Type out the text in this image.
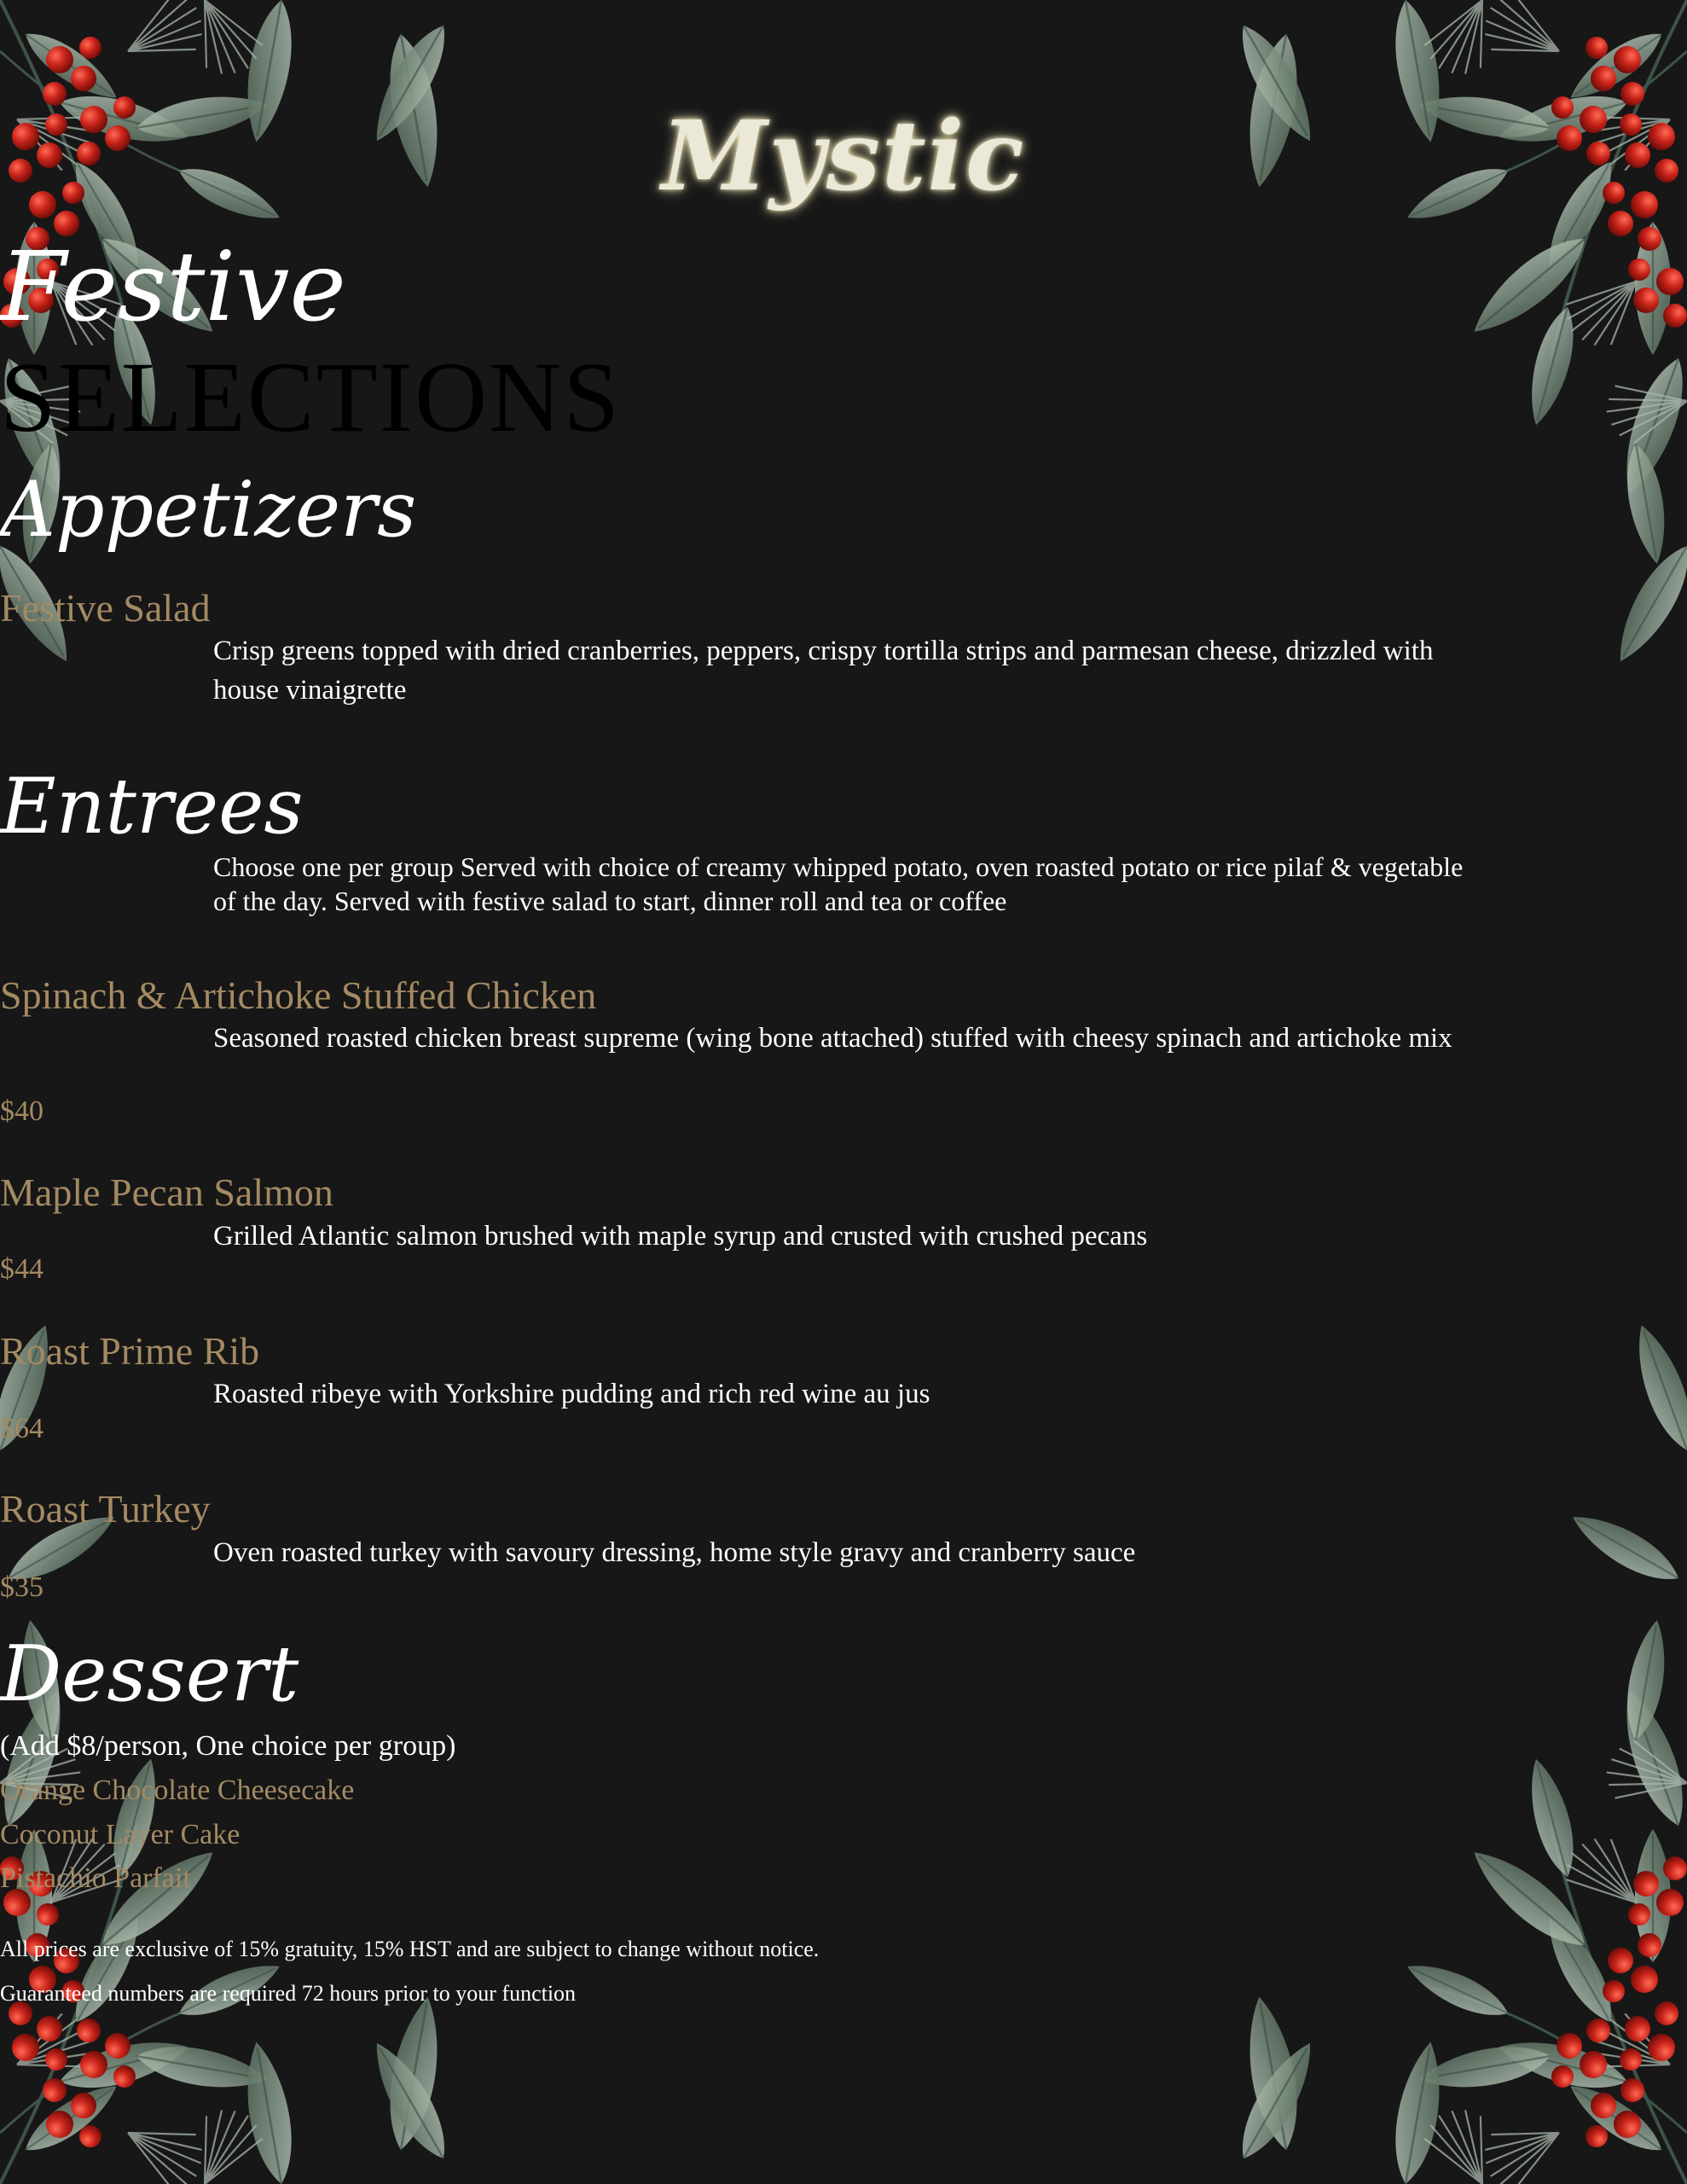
Mystic
Festive
SELECTIONS
Appetizers
Festive Salad
Crisp greens topped with dried cranberries, peppers, crispy tortilla strips and parmesan cheese, drizzled with house vinaigrette
Entrees
Choose one per group Served with choice of creamy whipped potato, oven roasted potato or rice pilaf & vegetable of the day. Served with festive salad to start, dinner roll and tea or coffee
Spinach & Artichoke Stuffed Chicken
Seasoned roasted chicken breast supreme (wing bone attached) stuffed with cheesy spinach and artichoke mix
$40
Maple Pecan Salmon
Grilled Atlantic salmon brushed with maple syrup and crusted with crushed pecans
$44
Roast Prime Rib
Roasted ribeye with Yorkshire pudding and rich red wine au jus
$64
Roast Turkey
Oven roasted turkey with savoury dressing, home style gravy and cranberry sauce
$35
Dessert
(Add $8/person, One choice per group)
Orange Chocolate Cheesecake
Coconut Layer Cake
Pistachio Parfait
All prices are exclusive of 15% gratuity, 15% HST and are subject to change without notice.
Guaranteed numbers are required 72 hours prior to your function
